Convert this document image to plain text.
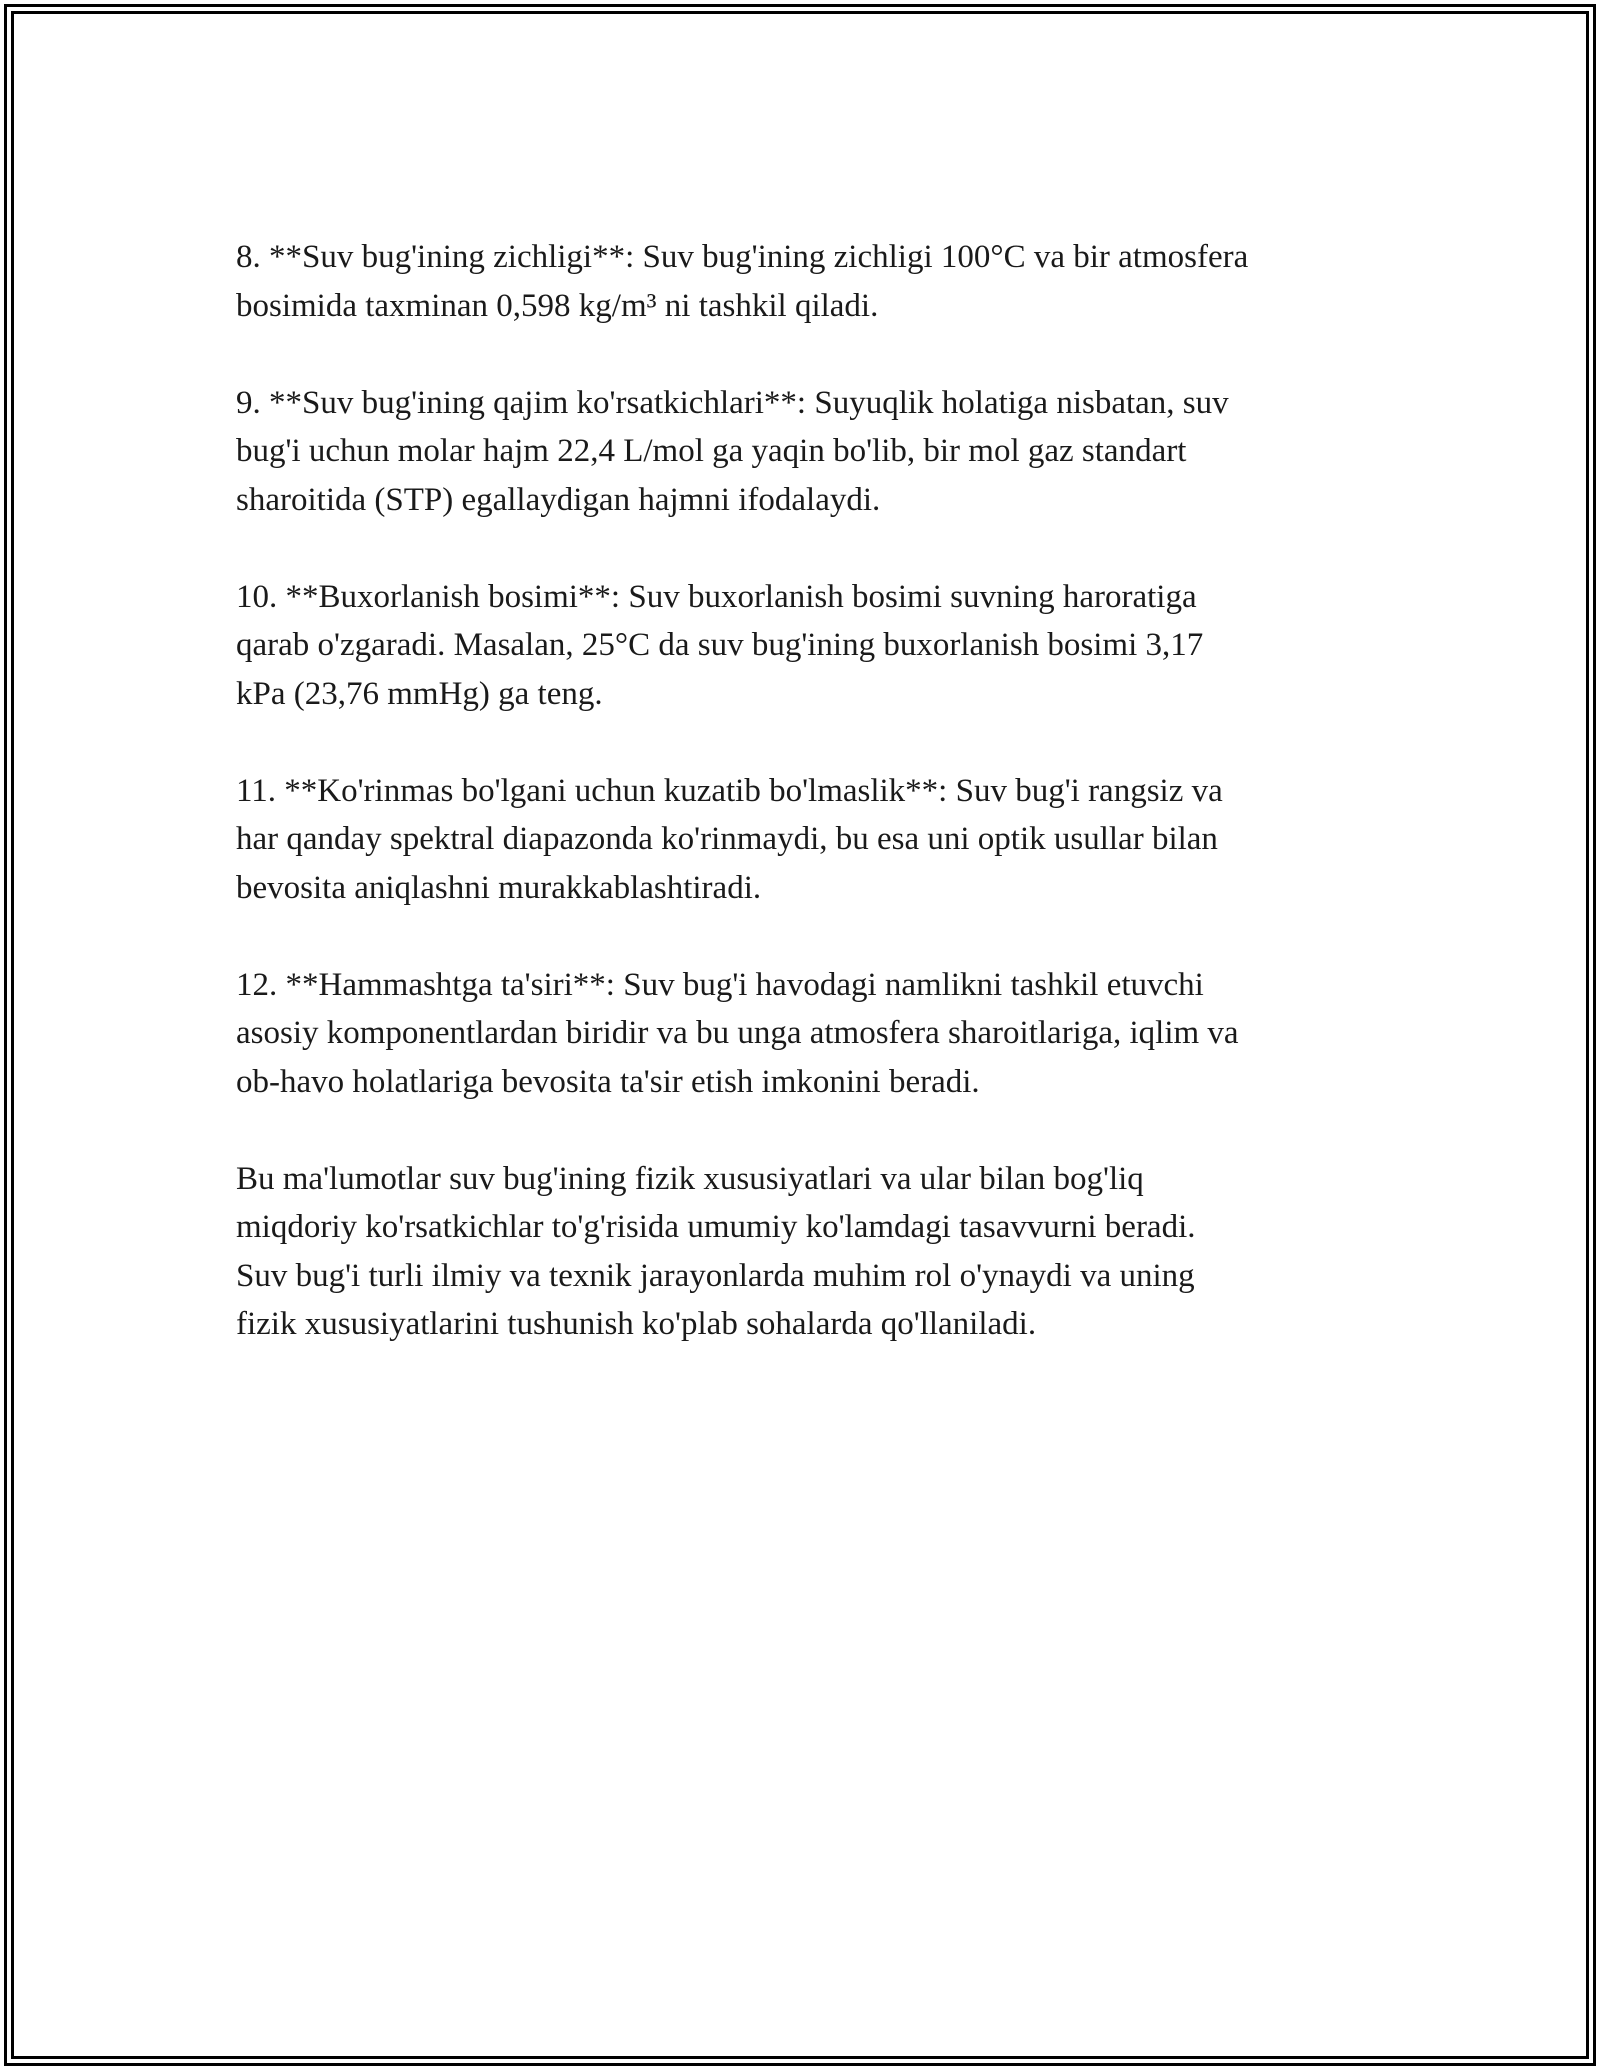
8. **Suv bug'ining zichligi**: Suv bug'ining zichligi 100°C va bir atmosfera
bosimida taxminan 0,598 kg/m³ ni tashkil qiladi.

9. **Suv bug'ining qajim ko'rsatkichlari**: Suyuqlik holatiga nisbatan, suv
bug'i uchun molar hajm 22,4 L/mol ga yaqin bo'lib, bir mol gaz standart
sharoitida (STP) egallaydigan hajmni ifodalaydi.

10. **Buxorlanish bosimi**: Suv buxorlanish bosimi suvning haroratiga
qarab o'zgaradi. Masalan, 25°C da suv bug'ining buxorlanish bosimi 3,17
kPa (23,76 mmHg) ga teng.

11. **Ko'rinmas bo'lgani uchun kuzatib bo'lmaslik**: Suv bug'i rangsiz va
har qanday spektral diapazonda ko'rinmaydi, bu esa uni optik usullar bilan
bevosita aniqlashni murakkablashtiradi.

12. **Hammashtga ta'siri**: Suv bug'i havodagi namlikni tashkil etuvchi
asosiy komponentlardan biridir va bu unga atmosfera sharoitlariga, iqlim va
ob-havo holatlariga bevosita ta'sir etish imkonini beradi.

Bu ma'lumotlar suv bug'ining fizik xususiyatlari va ular bilan bog'liq
miqdoriy ko'rsatkichlar to'g'risida umumiy ko'lamdagi tasavvurni beradi.
Suv bug'i turli ilmiy va texnik jarayonlarda muhim rol o'ynaydi va uning
fizik xususiyatlarini tushunish ko'plab sohalarda qo'llaniladi.
